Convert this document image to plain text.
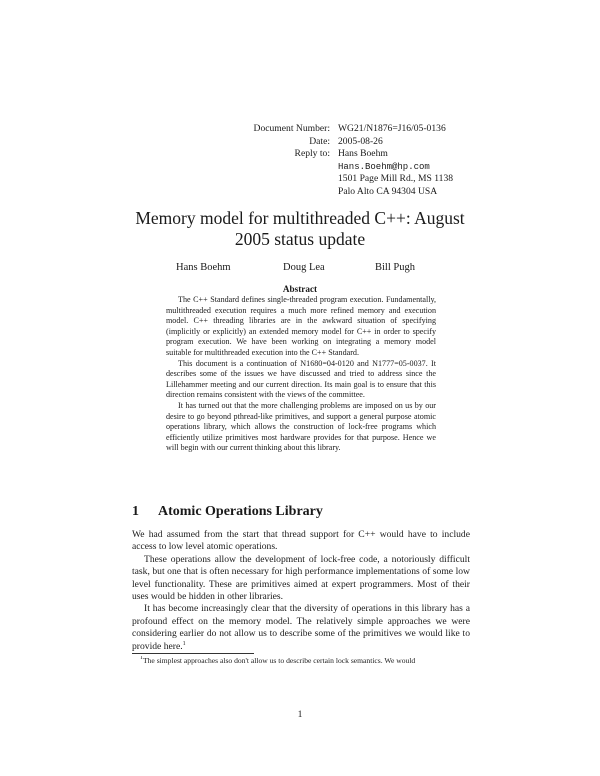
Document Number: WG21/N1876=J16/05-0136
Date: 2005-08-26
Reply to: Hans Boehm
Hans.Boehm@hp.com
1501 Page Mill Rd., MS 1138
Palo Alto CA 94304 USA
Memory model for multithreaded C++: August
2005 status update
Hans Boehm	Doug Lea	Bill Pugh
Abstract

The C++ Standard defines single-threaded program execution. Fundamentally, multithreaded execution requires a much more refined memory and execution model. C++ threading libraries are in the awkward situation of specifying (implicitly or explicitly) an extended memory model for C++ in order to specify program execution. We have been working on integrating a memory model suitable for multithreaded execution into the C++ Standard.

This document is a continuation of N1680=04-0120 and N1777=05-0037. It describes some of the issues we have discussed and tried to address since the Lillehammer meeting and our current direction. Its main goal is to ensure that this direction remains consistent with the views of the committee.

It has turned out that the more challenging problems are imposed on us by our desire to go beyond pthread-like primitives, and support a general purpose atomic operations library, which allows the construction of lock-free programs which efficiently utilize primitives most hardware provides for that purpose. Hence we will begin with our current thinking about this library.

1 Atomic Operations Library

We had assumed from the start that thread support for C++ would have to include access to low level atomic operations.

These operations allow the development of lock-free code, a notoriously difficult task, but one that is often necessary for high performance implementations of some low level functionality. These are primitives aimed at expert programmers. Most of their uses would be hidden in other libraries.

It has become increasingly clear that the diversity of operations in this library has a profound effect on the memory model. The relatively simple approaches we were considering earlier do not allow us to describe some of the primitives we would like to provide here.$^1$

$^1$The simplest approaches also don't allow us to describe certain lock semantics. We would
1
